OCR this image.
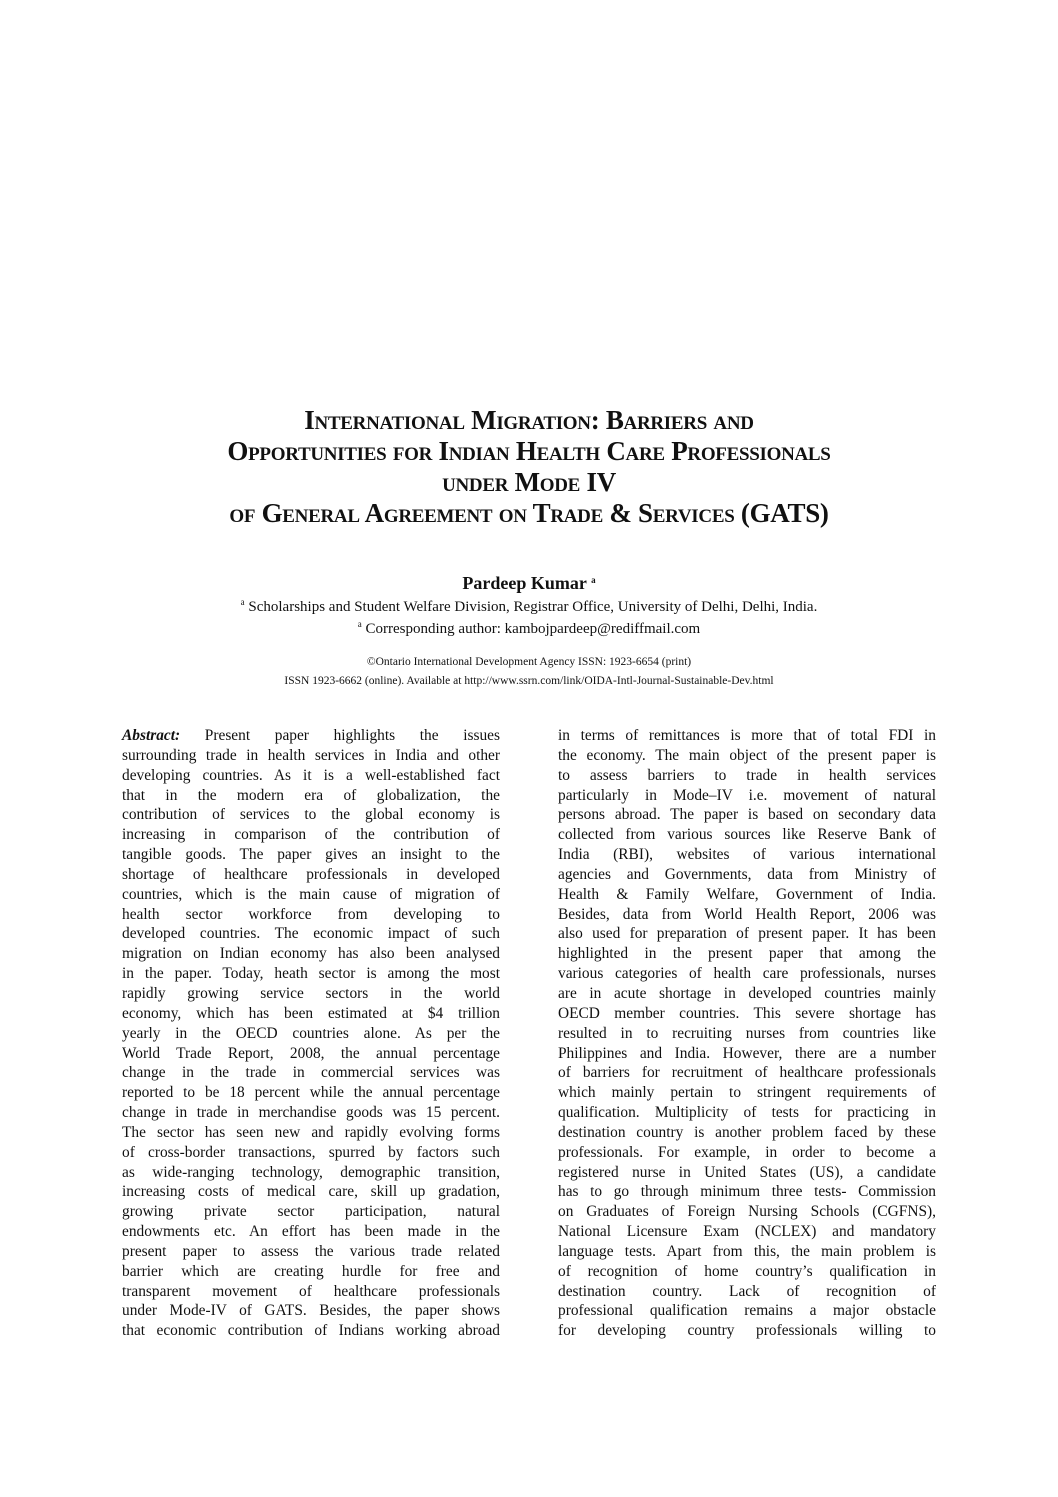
International Migration: Barriers and
Opportunities for Indian Health Care Professionals
under Mode IV
of General Agreement on Trade & Services (GATS)
Pardeep Kumar $^a$
$^a$ Scholarships and Student Welfare Division, Registrar Office, University of Delhi, Delhi, India.
$^a$ Corresponding author: kambojpardeep@rediffmail.com
©Ontario International Development Agency ISSN: 1923-6654 (print)
ISSN 1923-6662 (online). Available at http://www.ssrn.com/link/OIDA-Intl-Journal-Sustainable-Dev.html
Abstract: Present paper highlights the issues
surrounding trade in health services in India and other
developing countries. As it is a well-established fact
that in the modern era of globalization, the
contribution of services to the global economy is
increasing in comparison of the contribution of
tangible goods. The paper gives an insight to the
shortage of healthcare professionals in developed
countries, which is the main cause of migration of
health sector workforce from developing to
developed countries. The economic impact of such
migration on Indian economy has also been analysed
in the paper. Today, heath sector is among the most
rapidly growing service sectors in the world
economy, which has been estimated at $4 trillion
yearly in the OECD countries alone. As per the
World Trade Report, 2008, the annual percentage
change in the trade in commercial services was
reported to be 18 percent while the annual percentage
change in trade in merchandise goods was 15 percent.
The sector has seen new and rapidly evolving forms
of cross-border transactions, spurred by factors such
as wide-ranging technology, demographic transition,
increasing costs of medical care, skill up gradation,
growing private sector participation, natural
endowments etc. An effort has been made in the
present paper to assess the various trade related
barrier which are creating hurdle for free and
transparent movement of healthcare professionals
under Mode-IV of GATS. Besides, the paper shows
that economic contribution of Indians working abroad
in terms of remittances is more that of total FDI in
the economy. The main object of the present paper is
to assess barriers to trade in health services
particularly in Mode–IV i.e. movement of natural
persons abroad. The paper is based on secondary data
collected from various sources like Reserve Bank of
India (RBI), websites of various international
agencies and Governments, data from Ministry of
Health & Family Welfare, Government of India.
Besides, data from World Health Report, 2006 was
also used for preparation of present paper. It has been
highlighted in the present paper that among the
various categories of health care professionals, nurses
are in acute shortage in developed countries mainly
OECD member countries. This severe shortage has
resulted in to recruiting nurses from countries like
Philippines and India. However, there are a number
of barriers for recruitment of healthcare professionals
which mainly pertain to stringent requirements of
qualification. Multiplicity of tests for practicing in
destination country is another problem faced by these
professionals. For example, in order to become a
registered nurse in United States (US), a candidate
has to go through minimum three tests- Commission
on Graduates of Foreign Nursing Schools (CGFNS),
National Licensure Exam (NCLEX) and mandatory
language tests. Apart from this, the main problem is
of recognition of home country’s qualification in
destination country. Lack of recognition of
professional qualification remains a major obstacle
for developing country professionals willing to
